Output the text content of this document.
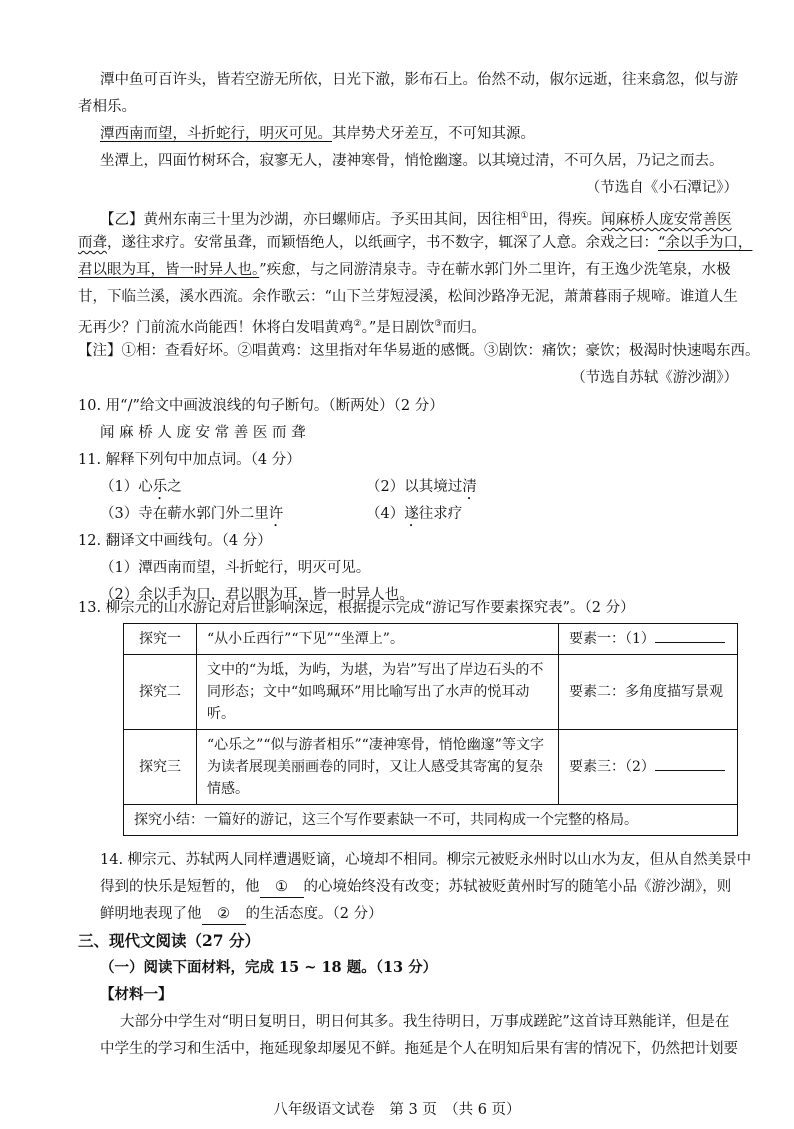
潭中鱼可百许头，皆若空游无所依，日光下澈，影布石上。佁然不动，俶尔远逝，往来翕忽，似与游
者相乐。
潭西南而望，斗折蛇行，明灭可见。其岸势犬牙差互，不可知其源。
坐潭上，四面竹树环合，寂寥无人，凄神寒骨，悄怆幽邃。以其境过清，不可久居，乃记之而去。
（节选自《小石潭记》）
【乙】黄州东南三十里为沙湖，亦曰螺师店。予买田其间，因往相①田，得疾。闻麻桥人庞安常善医
而聋，遂往求疗。安常虽聋，而颖悟绝人，以纸画字，书不数字，辄深了人意。余戏之曰：“余以手为口，
君以眼为耳，皆一时异人也。”疾愈，与之同游清泉寺。寺在蕲水郭门外二里许，有王逸少洗笔泉，水极
甘，下临兰溪，溪水西流。余作歌云：“山下兰芽短浸溪，松间沙路净无泥，萧萧暮雨子规啼。谁道人生
无再少？门前流水尚能西！休将白发唱黄鸡②。”是日剧饮③而归。
【注】①相：查看好坏。②唱黄鸡：这里指对年华易逝的感慨。③剧饮：痛饮；豪饮；极渴时快速喝东西。
（节选自苏轼《游沙湖》）
10. 用“/”给文中画波浪线的句子断句。（断两处）（2 分）
闻 麻 桥 人 庞 安 常 善 医 而 聋
11. 解释下列句中加点词。（4 分）
（1）心乐之	（2）以其境过清
（3）寺在蕲水郭门外二里许	（4）遂往求疗
12. 翻译文中画线句。（4 分）
（1）潭西南而望，斗折蛇行，明灭可见。
（2）余以手为口，君以眼为耳，皆一时异人也。
13. 柳宗元的山水游记对后世影响深远，根据提示完成“游记写作要素探究表”。（2 分）
探究一	“从小丘西行”“下见”“坐潭上”。	要素一：（1）
探究二	文中的“为坻，为屿，为堪，为岩”写出了岸边石头的不同形态；文中“如鸣珮环”用比喻写出了水声的悦耳动听。	要素二：多角度描写景观
探究三	“心乐之”“似与游者相乐”“凄神寒骨，悄怆幽邃”等文字为读者展现美丽画卷的同时，又让人感受其寄寓的复杂情感。	要素三：（2）
探究小结：一篇好的游记，这三个写作要素缺一不可，共同构成一个完整的格局。		
14. 柳宗元、苏轼两人同样遭遇贬谪，心境却不相同。柳宗元被贬永州时以山水为友，但从自然美景中
得到的快乐是短暂的，他 ① 的心境始终没有改变；苏轼被贬黄州时写的随笔小品《游沙湖》，则
鲜明地表现了他 ② 的生活态度。（2 分）
三、现代文阅读（27 分）
（一）阅读下面材料，完成 15 ~ 18 题。（13 分）
【材料一】
大部分中学生对“明日复明日，明日何其多。我生待明日，万事成蹉跎”这首诗耳熟能详，但是在
中学生的学习和生活中，拖延现象却屡见不鲜。拖延是个人在明知后果有害的情况下，仍然把计划要
八年级语文试卷　第 3 页　（共 6 页）
